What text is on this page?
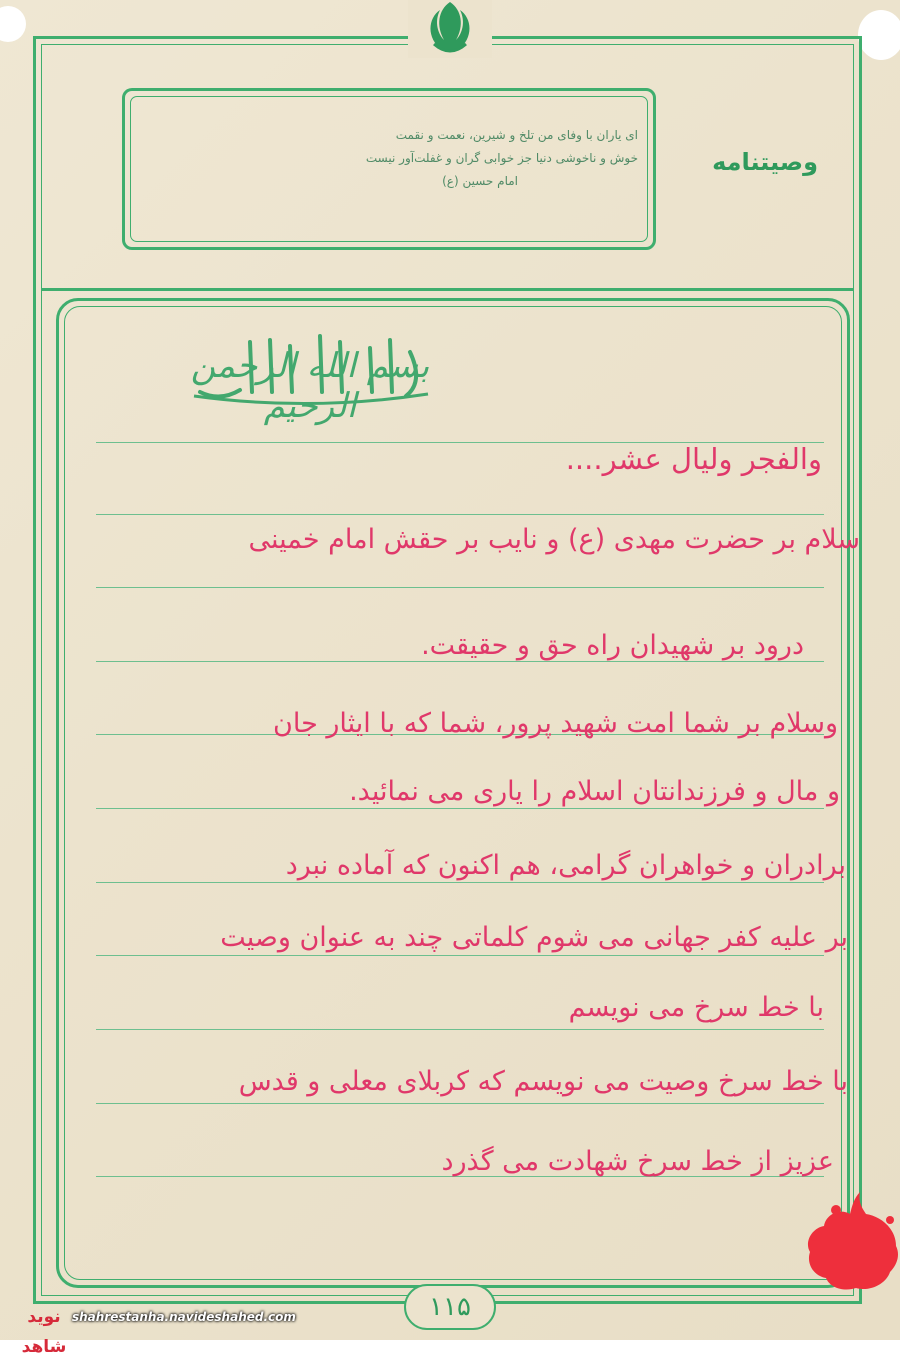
ای یاران با وفای من تلخ و شیرین، نعمت و نقمت
خوش و ناخوشی دنیا جز خوابی گران و غفلت‌آور نیست
امام حسین (ع)
وصیتنامه
بسم الله الرحمن الرحیم
والفجر ولیال عشر....
سلام بر حضرت مهدی (ع) و نایب بر حقش امام خمینی
درود بر شهیدان راه حق و حقیقت.
وسلام بر شما امت شهید پرور، شما که با ایثار جان
و مال و فرزندانتان اسلام را یاری می نمائید.
برادران و خواهران گرامی، هم اکنون که آماده نبرد
بر علیه کفر جهانی می شوم کلماتی چند به عنوان وصیت
با خط سرخ می نویسم
با خط سرخ وصیت می نویسم که کربلای معلی و قدس
عزیز از خط سرخ شهادت می گذرد
۱۱۵
نوید شاهد
shahrestanha.navideshahed.com
